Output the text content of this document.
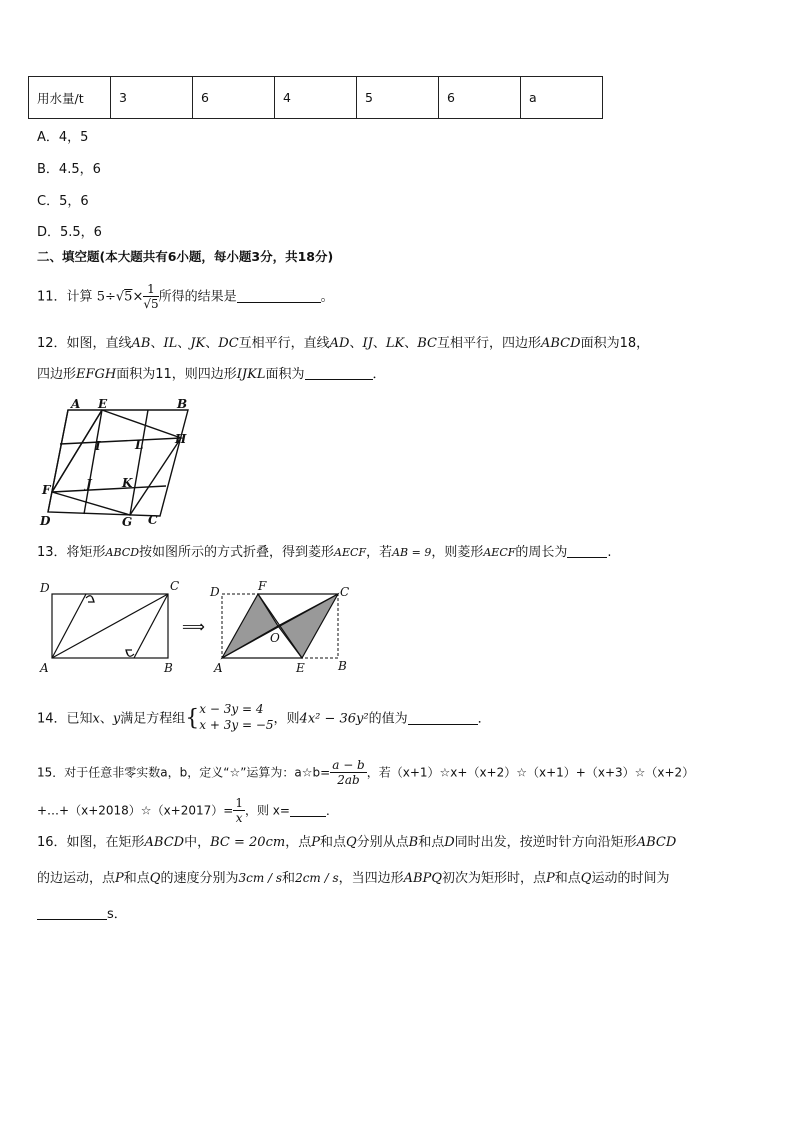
用水量/t	3	6	4	5	6	a
A．4，5
B．4.5，6
C．5，6
D．5.5，6
二、填空题(本大题共有6小题，每小题3分，共18分)
11．计算 $5\div√5\times \frac{1}{√5}$ 所得的结果是	。
12．如图，直线AB、IL、JK、DC互相平行，直线AD、IJ、LK、BC互相平行，四边形ABCD面积为18，
四边形EFGH面积为11，则四边形IJKL面积为	．
A E	B
I	L	H
F	J	K
D	G C
13．将矩形ABCD按如图所示的方式折叠，得到菱形AECF，若AB = 9，则菱形AECF的周长为	.
D	C
A	B
⟹
D	F	C
O
A	E	B
14．已知x、y满足方程组{ x − 3y = 4
x + 3y = −5 ，则4x² − 36y²的值为	．
15．对于任意非零实数a，b，定义“☆”运算为：a☆b= $\frac{a - b}{2ab}$ ，若（x+1）☆x+（x+2）☆（x+1）+（x+3）☆（x+2）
+…+（x+2018）☆（x+2017）= $\frac{1}{x}$ ，则 x=	．
16．如图，在矩形ABCD中，BC = 20cm，点P和点Q分别从点B和点D同时出发，按逆时针方向沿矩形ABCD
的边运动，点P和点Q的速度分别为3cm / s和2cm / s，当四边形ABPQ初次为矩形时，点P和点Q运动的时间为
s．
